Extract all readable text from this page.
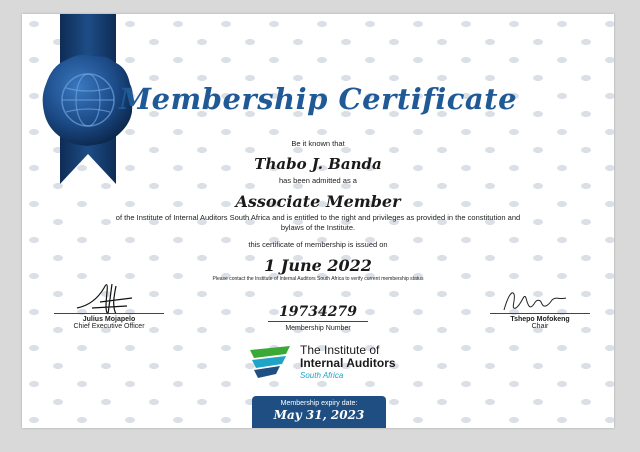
Membership Certificate
Be it known that
Thabo J. Banda
has been admitted as a
Associate Member
of the Institute of Internal Auditors South Africa and is entitled to the right and privileges as provided in the constitution and
bylaws of the Institute.
this certificate of membership is issued on
1 June 2022
Please contact the Institute of Internal Auditors South Africa to verify current membership status
Julius Mojapelo
Chief Executive Officer
19734279
Membership Number
Tshepo Mofokeng
Chair
The Institute of
Internal Auditors
South Africa
Membership expiry date:
May 31, 2023
